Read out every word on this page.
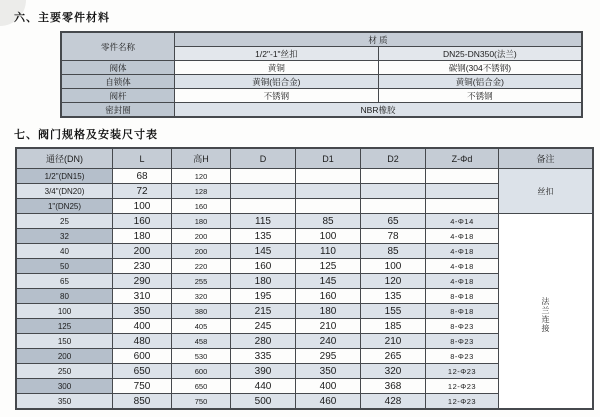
六、主要零件材料
零件名称	材 质	
	1/2"-1"丝扣	DN25-DN350(法兰)
阀体	黄铜	碳钢(304不锈钢)
自锁体	黄铜(铝合金)	黄铜(铝合金)
阀杆	不锈钢	不锈钢
密封圈	NBR橡胶	
七、阀门规格及安装尺寸表
通径(DN)	L	高H	D	D1	D2	Z-Φd	备注
1/2"(DN15)	68	120					丝扣
3/4"(DN20)	72	128					
1"(DN25)	100	160					
25	160	180	115	85	65	4-Φ14	法兰连接
32	180	200	135	100	78	4-Φ18	
40	200	200	145	110	85	4-Φ18	
50	230	220	160	125	100	4-Φ18	
65	290	255	180	145	120	4-Φ18	
80	310	320	195	160	135	8-Φ18	
100	350	380	215	180	155	8-Φ18	
125	400	405	245	210	185	8-Φ23	
150	480	458	280	240	210	8-Φ23	
200	600	530	335	295	265	8-Φ23	
250	650	600	390	350	320	12-Φ23	
300	750	650	440	400	368	12-Φ23	
350	850	750	500	460	428	12-Φ23	
